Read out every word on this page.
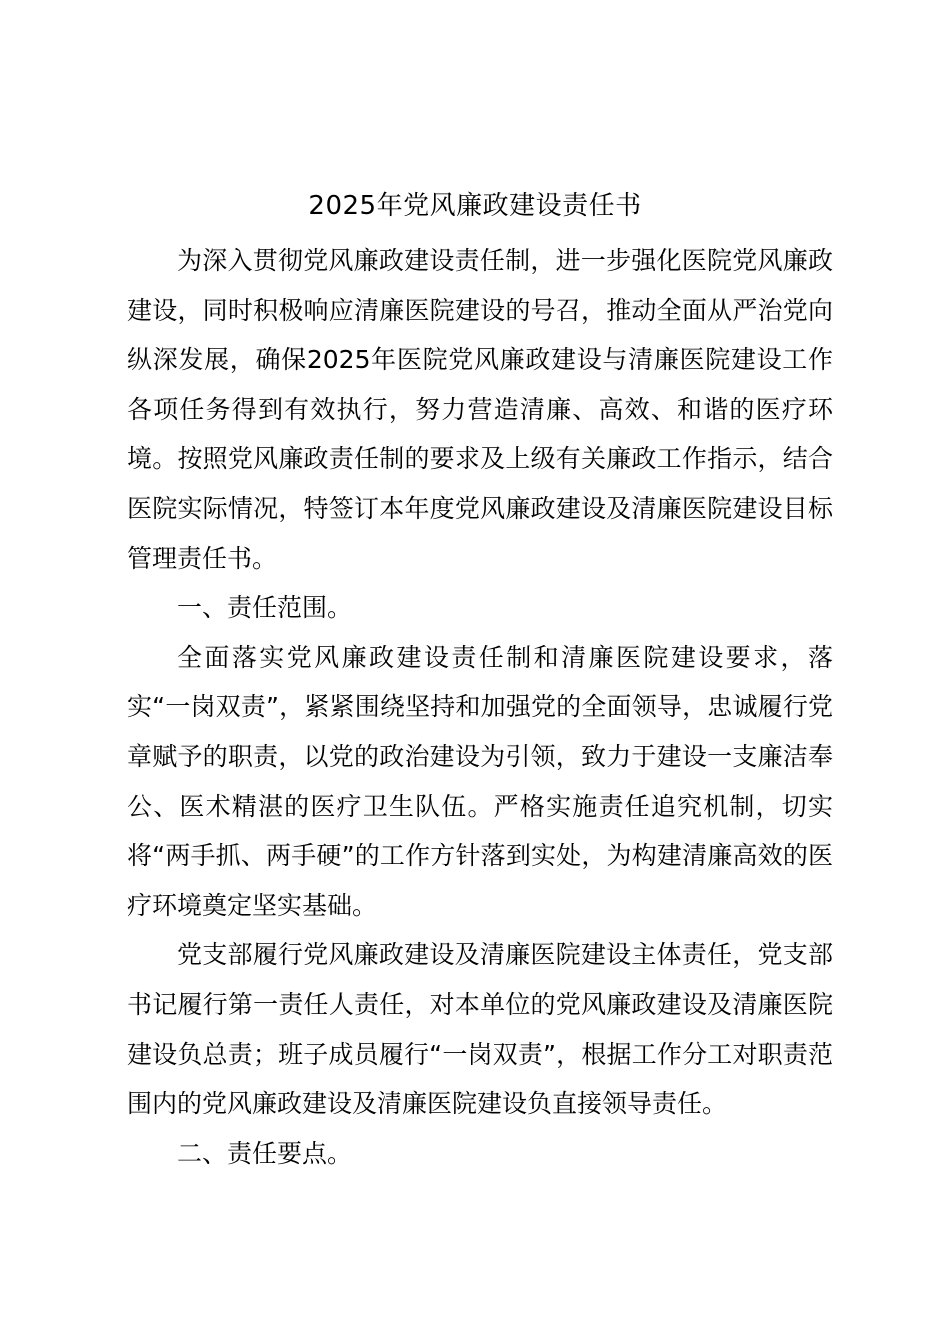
2025年党风廉政建设责任书

为深入贯彻党风廉政建设责任制，进一步强化医院党风廉政建设，同时积极响应清廉医院建设的号召，推动全面从严治党向纵深发展，确保2025年医院党风廉政建设与清廉医院建设工作各项任务得到有效执行，努力营造清廉、高效、和谐的医疗环境。按照党风廉政责任制的要求及上级有关廉政工作指示，结合医院实际情况，特签订本年度党风廉政建设及清廉医院建设目标管理责任书。

一、责任范围。

全面落实党风廉政建设责任制和清廉医院建设要求，落实“一岗双责”，紧紧围绕坚持和加强党的全面领导，忠诚履行党章赋予的职责，以党的政治建设为引领，致力于建设一支廉洁奉公、医术精湛的医疗卫生队伍。严格实施责任追究机制，切实将“两手抓、两手硬”的工作方针落到实处，为构建清廉高效的医疗环境奠定坚实基础。

党支部履行党风廉政建设及清廉医院建设主体责任，党支部书记履行第一责任人责任，对本单位的党风廉政建设及清廉医院建设负总责；班子成员履行“一岗双责”，根据工作分工对职责范围内的党风廉政建设及清廉医院建设负直接领导责任。

二、责任要点。
